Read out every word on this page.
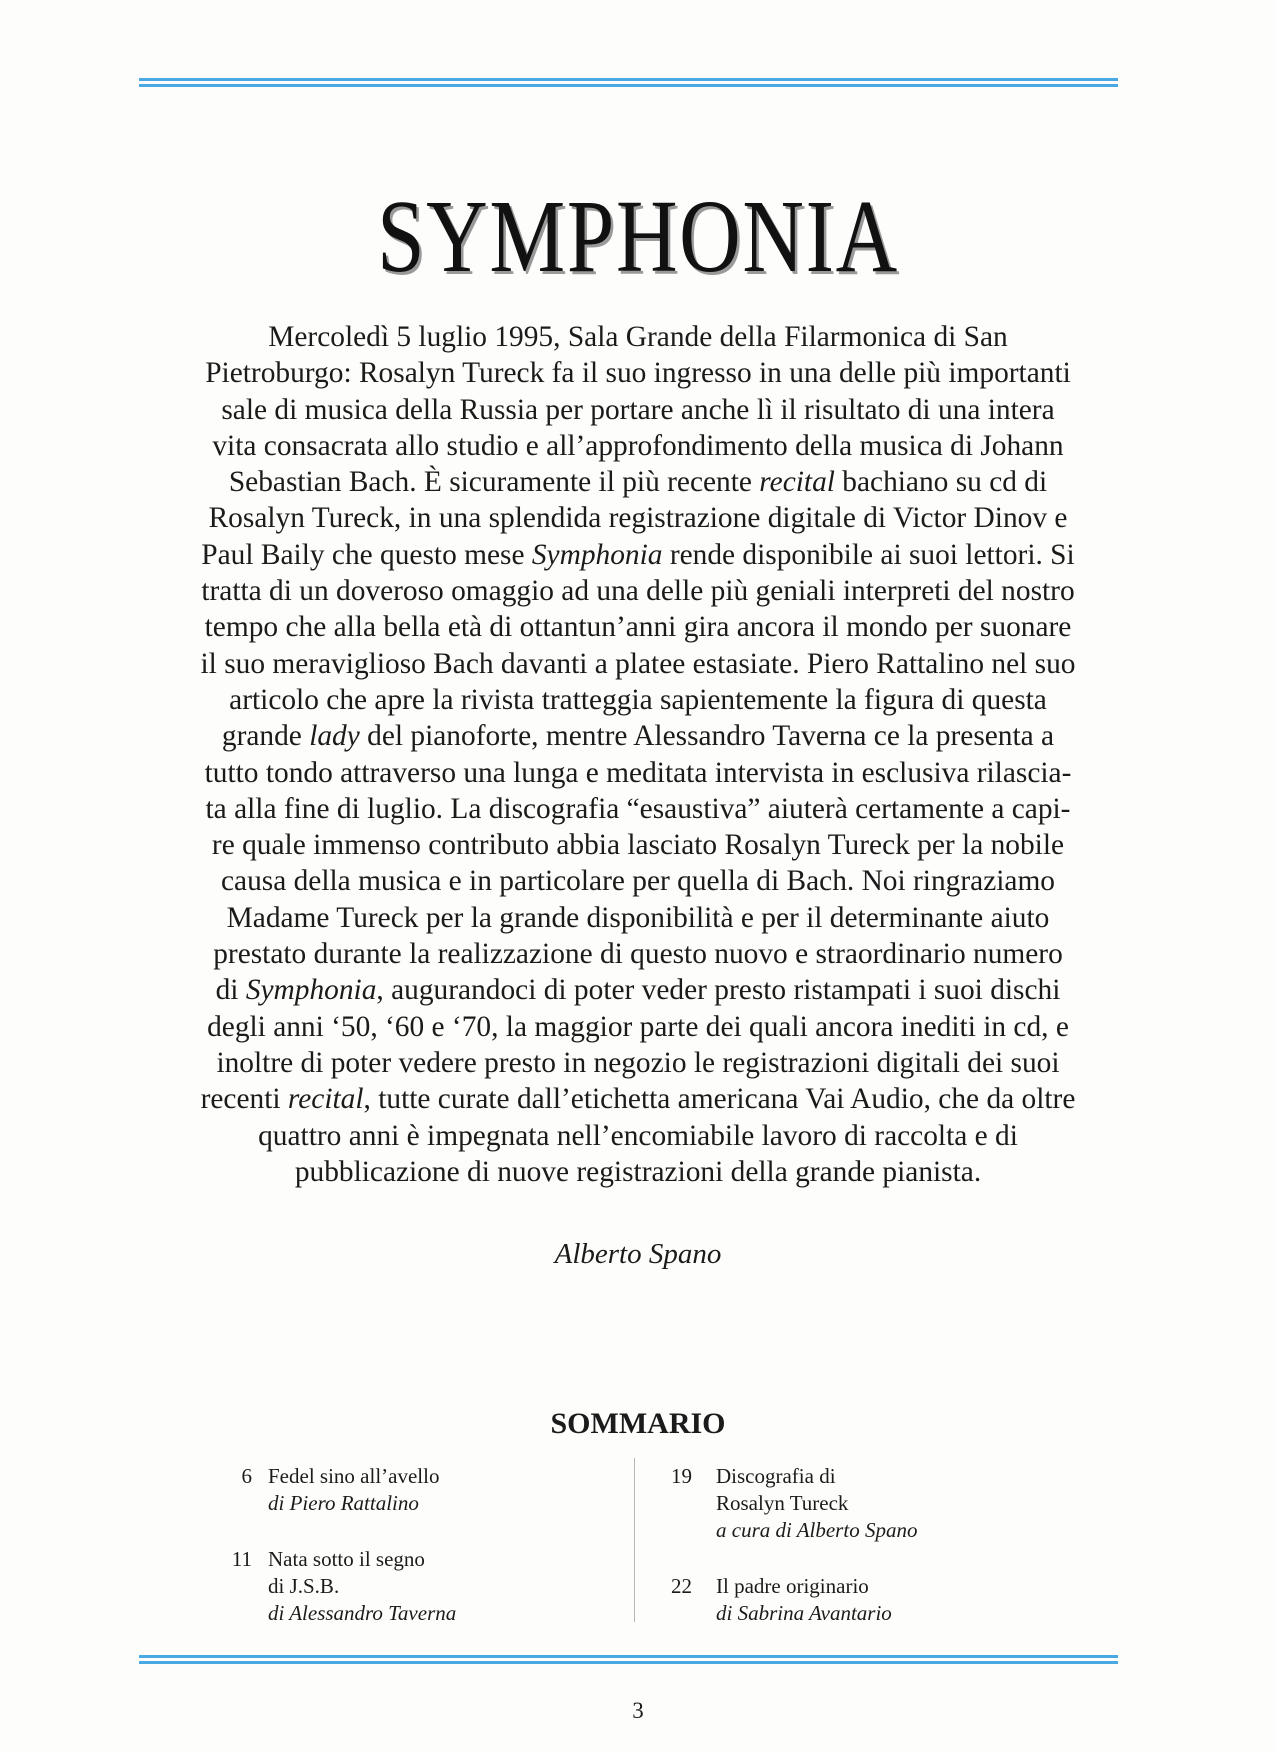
SYMPHONIA
Mercoledì 5 luglio 1995, Sala Grande della Filarmonica di San
Pietroburgo: Rosalyn Tureck fa il suo ingresso in una delle più importanti
sale di musica della Russia per portare anche lì il risultato di una intera
vita consacrata allo studio e all’approfondimento della musica di Johann
Sebastian Bach. È sicuramente il più recente recital bachiano su cd di
Rosalyn Tureck, in una splendida registrazione digitale di Victor Dinov e
Paul Baily che questo mese Symphonia rende disponibile ai suoi lettori. Si
tratta di un doveroso omaggio ad una delle più geniali interpreti del nostro
tempo che alla bella età di ottantun’anni gira ancora il mondo per suonare
il suo meraviglioso Bach davanti a platee estasiate. Piero Rattalino nel suo
articolo che apre la rivista tratteggia sapientemente la figura di questa
grande lady del pianoforte, mentre Alessandro Taverna ce la presenta a
tutto tondo attraverso una lunga e meditata intervista in esclusiva rilascia-
ta alla fine di luglio. La discografia “esaustiva” aiuterà certamente a capi-
re quale immenso contributo abbia lasciato Rosalyn Tureck per la nobile
causa della musica e in particolare per quella di Bach. Noi ringraziamo
Madame Tureck per la grande disponibilità e per il determinante aiuto
prestato durante la realizzazione di questo nuovo e straordinario numero
di Symphonia, augurandoci di poter veder presto ristampati i suoi dischi
degli anni ‘50, ‘60 e ‘70, la maggior parte dei quali ancora inediti in cd, e
inoltre di poter vedere presto in negozio le registrazioni digitali dei suoi
recenti recital, tutte curate dall’etichetta americana Vai Audio, che da oltre
quattro anni è impegnata nell’encomiabile lavoro di raccolta e di
pubblicazione di nuove registrazioni della grande pianista.
Alberto Spano
SOMMARIO
6 Fedel sino all’avello
di Piero Rattalino
11 Nata sotto il segno
di J.S.B.
di Alessandro Taverna
19 Discografia di
Rosalyn Tureck
a cura di Alberto Spano
22 Il padre originario
di Sabrina Avantario
3
